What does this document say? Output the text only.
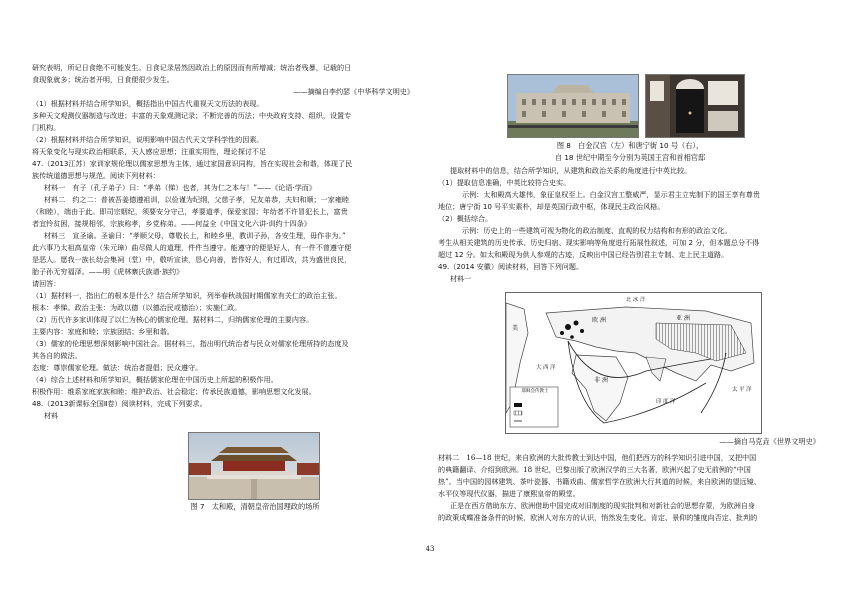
研究表明，所记日食绝不可能发生。日食记录居然因政治上的原因而有所增减；统治者残暴，记载的日
食现象就多；统治者开明，日食便很少发生。
——摘编自李约瑟《中华科学文明史》
（1）根据材料并结合所学知识，概括指出中国古代重视天文历法的表现。
多种天文观测仪器制造与改进；丰富的天象观测记录；不断完善的历法；中央政府支持、组织，设置专
门机构。
（2）根据材料并结合所学知识，说明影响中国古代天文学科学性的因素。
将天象变化与现实政治相联系，天人感应思想；注重实用性，理论探讨不足
47.（2013江苏）家训家规伦理以儒家思想为主体，通过家国意识同构，旨在实现社会和谐，体现了民
族传统道德思想与规范。阅读下列材料：
材料一　有子（孔子弟子）曰：“孝弟（悌）也者，其为仁之本与！”——《论语·学而》
材料二　约之二：普被吾姜德遵祖训，以俭谨为纪纲，父慈子孝，兄友弟恭，夫妇和顺；一家雍睦
（和睦），端由于此。即司宗姻纪，须要安分守己，孝要道孝，保爱家园；年幼者不许冒犯长上，富贵
者宜怜贫困，接规相邻，宗族称孝，乡党称弟。——何益全《中国文化六讲·训约十四条》
材料三　宣圣谕。圣谕曰：“孝顺父母，尊敬长上，和睦乡里，教训子孙，各安生理，毋作非为。”
此六事乃太祖高皇帝（朱元璋）曲尽做人的道理，件件当遵守。能遵守的便是好人，有一件不曾遵守便
是恶人。愿我一族长幼会集祠（堂）中，敬听宣读，恳心向善，皆作好人，有过即改，共为盛世良民，
胎子孙无穷福泽。——明《虎林寨氏族谱·族约》
请回答：
（1）据材料一，指出仁的根本是什么？结合所学知识，列举春秋战国时期儒家有关仁的政治主张。
根本：孝悌。政治主张：为政以德（以德治民或德治）；实施仁政。
（2）历代许多家训体现了以仁为核心的儒家伦理。据材料二，归纳儒家伦理的主要内容。
主要内容：家庭和睦；宗族团结；乡里和谐。
（3）儒家的伦理思想深刻影响中国社会。据材料三，指出明代统治者与民众对儒家伦理所持的态度及
其各自的做法。
态度：尊崇儒家伦理。做法：统治者提倡；民众遵守。
（4）综合上述材料和所学知识，概括儒家伦理在中国历史上所起的积极作用。
积极作用：维系家庭家族和睦；维护政治、社会稳定；传承民族道德，影响思想文化发展。
48.（2013新课标全国Ⅱ卷）阅读材料，完成下列要求。
材料
图 7　太和殿，清朝皇帝治国理政的场所
图 8　白金汉宫（左）和唐宁街 10 号（右），
自 18 世纪中期至今分别为英国王宫和首相官邸
提取材料中的信息，结合所学知识，从建筑和政治关系的角度进行中英比较。
（1）提取信息准确，中英比较符合史实。
示例：太和殿高大雄伟，象征皇权至上。白金汉宫工整威严，显示君主立宪制下的国王享有尊贵
地位；唐宁街 10 号平实素朴，却是英国行政中枢，体现民主政治风格。
（2）概括综合。
示例：历史上的一些建筑可视为物化的政治制度、直观的权力结构和有形的政治文化。
考生从相关建筑的历史传承、历史归宿、现实影响等角度进行拓展性叙述，可加 2 分，但本题总分不得
超过 12 分。如太和殿现为供人参观的古迹，反映出中国已经告别君主专制、走上民主道路。
49.（2014 安徽）阅读材料，回答下列问题。
材料一
耶稣会传教士
美
欧 洲
非 洲
亚 洲
北 冰 洋
太 平 洋
大 西 洋
印 度 洋
——摘自马克垚《世界文明史》
材料二　16—18 世纪，来自欧洲的大批传教士到达中国，他们把西方的科学知识引进中国，又把中国
的典籍翻译、介绍到欧洲。18 世纪，巴黎出版了欧洲汉学的三大名著，欧洲兴起了史无前例的“中国
热”。当中国的园林建筑、茶叶瓷器、书籍戏曲、儒家哲学在欧洲大行其道的时候，来自欧洲的望远镜、
水平仪等现代仪器，描进了康熙皇帝的殿堂。
正是在西方借助东方、欧洲借助中国完成对旧制度的现实批判和对新社会的思想存蒙，为欧洲自身
的政策成蝶准备条件的时候，欧洲人对东方的认识，悄然发生变化。肯定、景仰的雏度向否定、批判的
43
